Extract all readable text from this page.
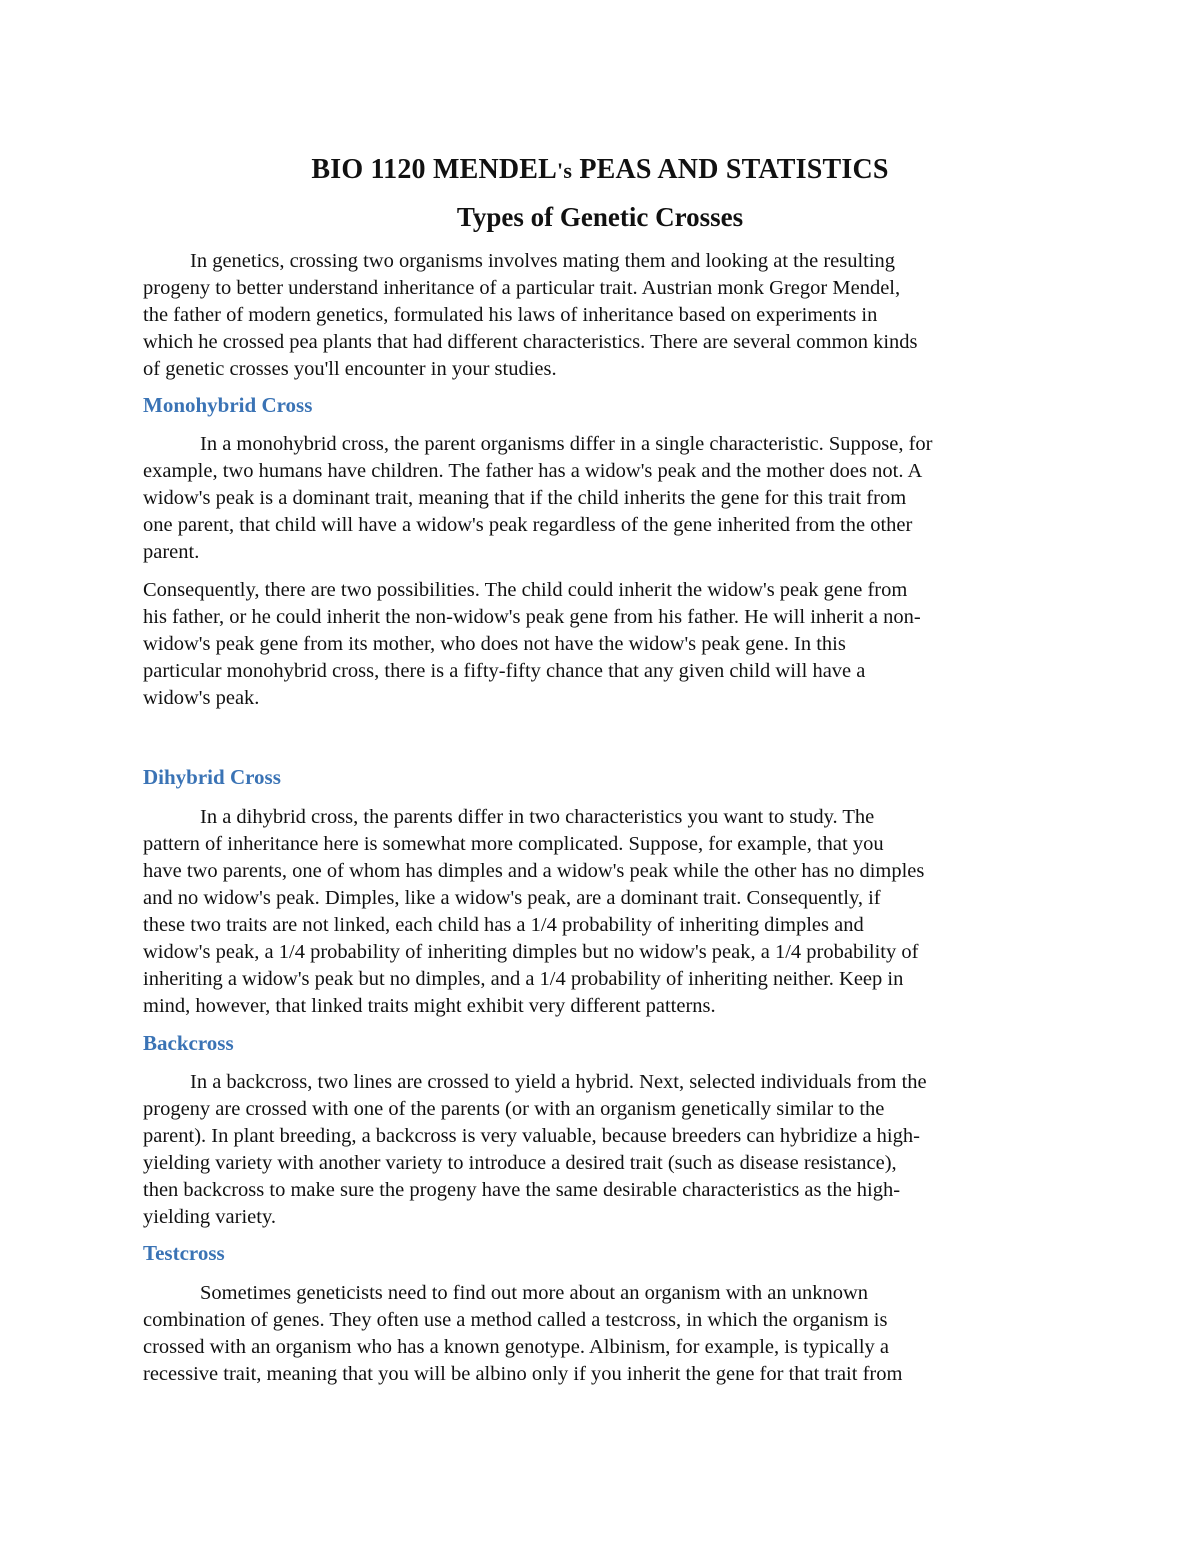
BIO 1120 MENDEL's PEAS AND STATISTICS
Types of Genetic Crosses

In genetics, crossing two organisms involves mating them and looking at the resulting
progeny to better understand inheritance of a particular trait. Austrian monk Gregor Mendel,
the father of modern genetics, formulated his laws of inheritance based on experiments in
which he crossed pea plants that had different characteristics. There are several common kinds
of genetic crosses you'll encounter in your studies.

Monohybrid Cross

In a monohybrid cross, the parent organisms differ in a single characteristic. Suppose, for
example, two humans have children. The father has a widow's peak and the mother does not. A
widow's peak is a dominant trait, meaning that if the child inherits the gene for this trait from
one parent, that child will have a widow's peak regardless of the gene inherited from the other
parent.

Consequently, there are two possibilities. The child could inherit the widow's peak gene from
his father, or he could inherit the non-widow's peak gene from his father. He will inherit a non-
widow's peak gene from its mother, who does not have the widow's peak gene. In this
particular monohybrid cross, there is a fifty-fifty chance that any given child will have a
widow's peak.

Dihybrid Cross

In a dihybrid cross, the parents differ in two characteristics you want to study. The
pattern of inheritance here is somewhat more complicated. Suppose, for example, that you
have two parents, one of whom has dimples and a widow's peak while the other has no dimples
and no widow's peak. Dimples, like a widow's peak, are a dominant trait. Consequently, if
these two traits are not linked, each child has a 1/4 probability of inheriting dimples and
widow's peak, a 1/4 probability of inheriting dimples but no widow's peak, a 1/4 probability of
inheriting a widow's peak but no dimples, and a 1/4 probability of inheriting neither. Keep in
mind, however, that linked traits might exhibit very different patterns.

Backcross

In a backcross, two lines are crossed to yield a hybrid. Next, selected individuals from the
progeny are crossed with one of the parents (or with an organism genetically similar to the
parent). In plant breeding, a backcross is very valuable, because breeders can hybridize a high-
yielding variety with another variety to introduce a desired trait (such as disease resistance),
then backcross to make sure the progeny have the same desirable characteristics as the high-
yielding variety.

Testcross

Sometimes geneticists need to find out more about an organism with an unknown
combination of genes. They often use a method called a testcross, in which the organism is
crossed with an organism who has a known genotype. Albinism, for example, is typically a
recessive trait, meaning that you will be albino only if you inherit the gene for that trait from
